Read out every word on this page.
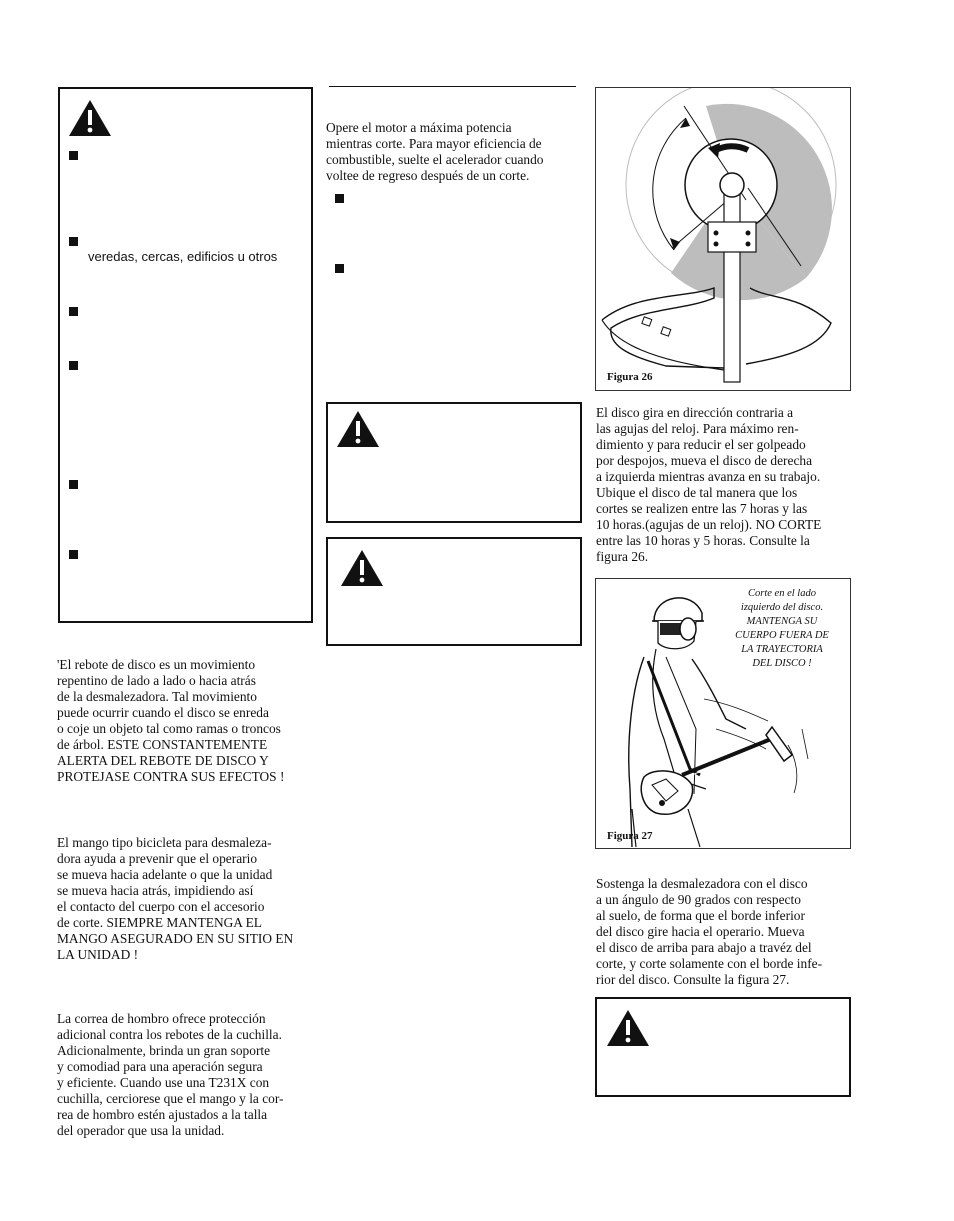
veredas, cercas, edificios u otros

'El rebote de disco es un movimiento
repentino de lado a lado o hacia atrás
de la desmalezadora. Tal movimiento
puede ocurrir cuando el disco se enreda
o coje un objeto tal como ramas o troncos
de árbol. ESTE CONSTANTEMENTE
ALERTA DEL REBOTE DE DISCO Y
PROTEJASE CONTRA SUS EFECTOS !

El mango tipo bicicleta para desmaleza-
dora ayuda a prevenir que el operario
se mueva hacia adelante o que la unidad
se mueva hacia atrás, impidiendo así
el contacto del cuerpo con el accesorio
de corte. SIEMPRE MANTENGA EL
MANGO ASEGURADO EN SU SITIO EN
LA UNIDAD !

La correa de hombro ofrece protección
adicional contra los rebotes de la cuchilla.
Adicionalmente, brinda un gran soporte
y comodiad para una aperación segura
y eficiente. Cuando use una T231X con
cuchilla, cerciorese que el mango y la cor-
rea de hombro estén ajustados a la talla
del operador que usa la unidad.

Opere el motor a máxima potencia
mientras corte. Para mayor eficiencia de
combustible, suelte el acelerador cuando
voltee de regreso después de un corte.

Figura 26

El disco gira en dirección contraria a
las agujas del reloj. Para máximo ren-
dimiento y para reducir el ser golpeado
por despojos, mueva el disco de derecha
a izquierda mientras avanza en su trabajo.
Ubique el disco de tal manera que los
cortes se realizen entre las 7 horas y las
10 horas.(agujas de un reloj). NO CORTE
entre las 10 horas y 5 horas. Consulte la
figura 26.

Corte en el lado
izquierdo del disco.
MANTENGA SU
CUERPO FUERA DE
LA TRAYECTORIA
DEL DISCO !
Figura 27

Sostenga la desmalezadora con el disco
a un ángulo de 90 grados con respecto
al suelo, de forma que el borde inferior
del disco gire hacia el operario. Mueva
el disco de arriba para abajo a travéz del
corte, y corte solamente con el borde infe-
rior del disco. Consulte la figura 27.
